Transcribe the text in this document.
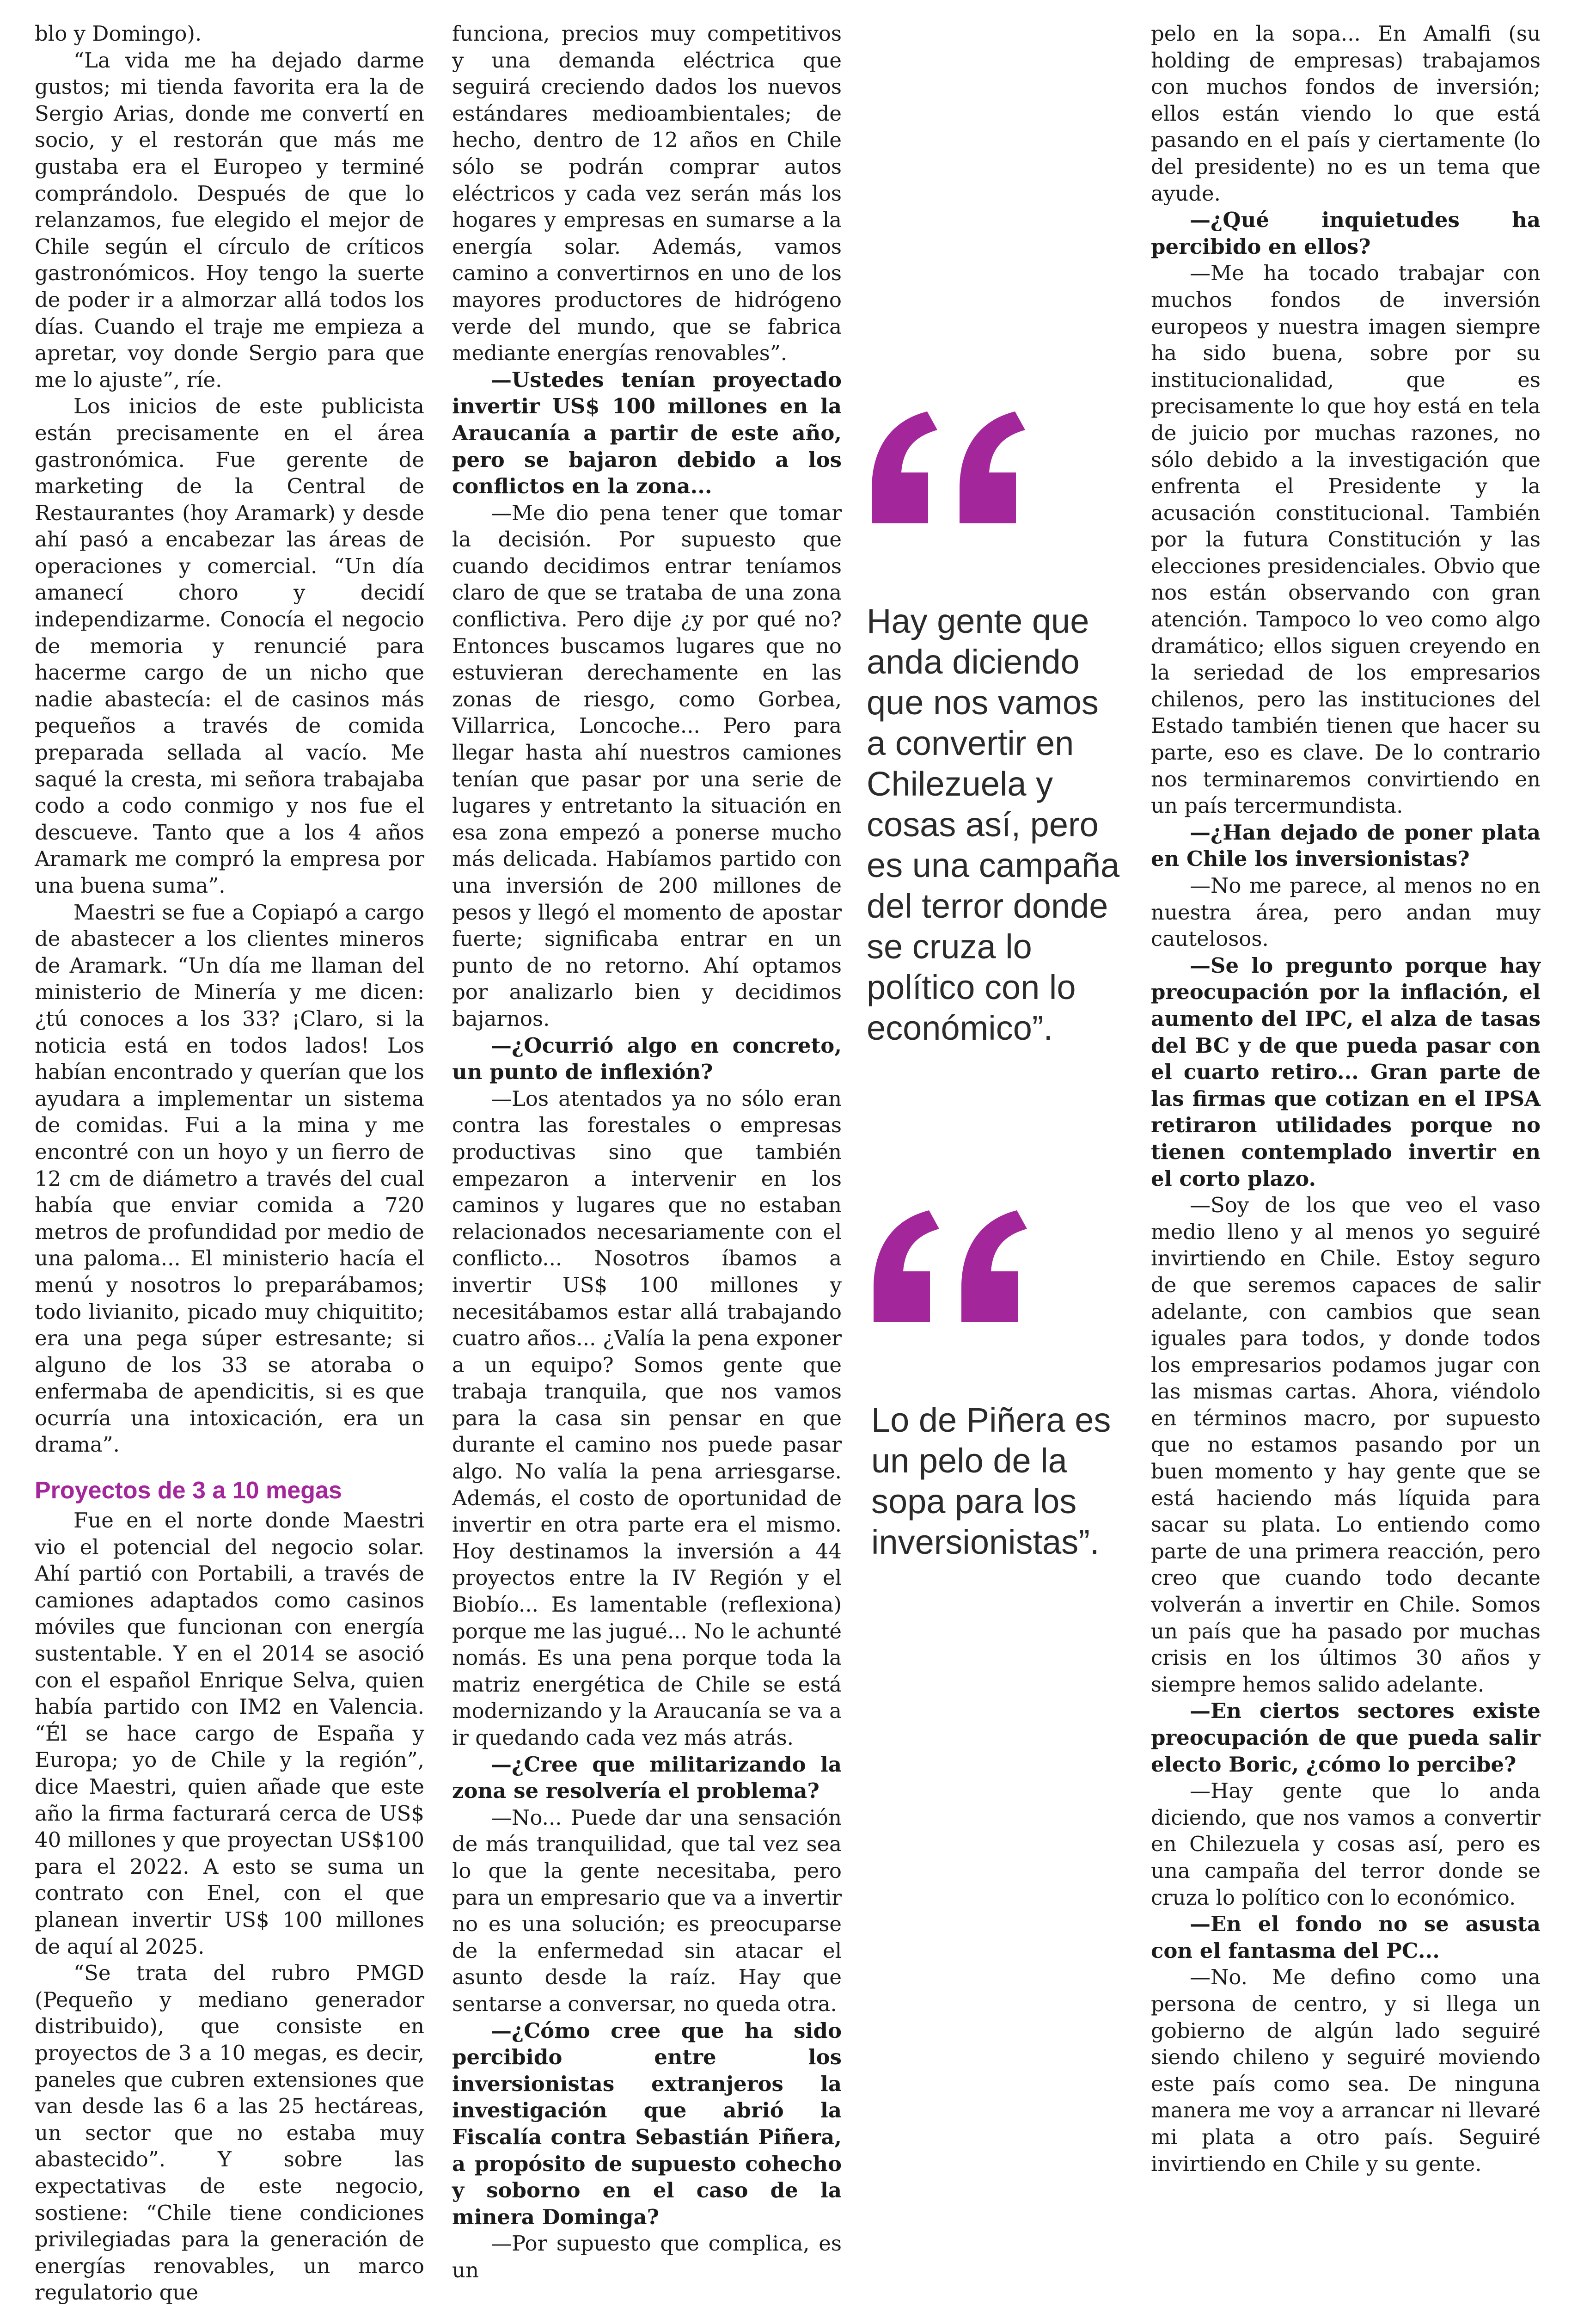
blo y Domingo).

“La vida me ha dejado darme gustos; mi tienda favorita era la de Sergio Arias, donde me convertí en socio, y el restorán que más me gustaba era el Europeo y terminé comprándolo. Después de que lo relanzamos, fue elegido el mejor de Chile según el círculo de críticos gastronómicos. Hoy tengo la suerte de poder ir a almorzar allá todos los días. Cuando el traje me empieza a apretar, voy donde Sergio para que me lo ajuste”, ríe.

Los inicios de este publicista están precisamente en el área gastronómica. Fue gerente de marketing de la Central de Restaurantes (hoy Aramark) y desde ahí pasó a encabezar las áreas de operaciones y comercial. “Un día amanecí choro y decidí independizarme. Conocía el negocio de memoria y renuncié para hacerme cargo de un nicho que nadie abastecía: el de casinos más pequeños a través de comida preparada sellada al vacío. Me saqué la cresta, mi señora trabajaba codo a codo conmigo y nos fue el descueve. Tanto que a los 4 años Aramark me compró la empresa por una buena suma”.

Maestri se fue a Copiapó a cargo de abastecer a los clientes mineros de Aramark. “Un día me llaman del ministerio de Minería y me dicen: ¿tú conoces a los 33? ¡Claro, si la noticia está en todos lados! Los habían encontrado y querían que los ayudara a implementar un sistema de comidas. Fui a la mina y me encontré con un hoyo y un fierro de 12 cm de diámetro a través del cual había que enviar comida a 720 metros de profundidad por medio de una paloma... El ministerio hacía el menú y nosotros lo preparábamos; todo livianito, picado muy chiquitito; era una pega súper estresante; si alguno de los 33 se atoraba o enfermaba de apendicitis, si es que ocurría una intoxicación, era un drama”.

Proyectos de 3 a 10 megas

Fue en el norte donde Maestri vio el potencial del negocio solar. Ahí partió con Portabili, a través de camiones adaptados como casinos móviles que funcionan con energía sustentable. Y en el 2014 se asoció con el español Enrique Selva, quien había partido con IM2 en Valencia. “Él se hace cargo de España y Europa; yo de Chile y la región”, dice Maestri, quien añade que este año la firma facturará cerca de US$ 40 millones y que proyectan US$100 para el 2022. A esto se suma un contrato con Enel, con el que planean invertir US$ 100 millones de aquí al 2025.

“Se trata del rubro PMGD (Pequeño y mediano generador distribuido), que consiste en proyectos de 3 a 10 megas, es decir, paneles que cubren extensiones que van desde las 6 a las 25 hectáreas, un sector que no estaba muy abastecido”. Y sobre las expectativas de este negocio, sostiene: “Chile tiene condiciones privilegiadas para la generación de energías renovables, un marco regulatorio que

funciona, precios muy competitivos y una demanda eléctrica que seguirá creciendo dados los nuevos estándares medioambientales; de hecho, dentro de 12 años en Chile sólo se podrán comprar autos eléctricos y cada vez serán más los hogares y empresas en sumarse a la energía solar. Además, vamos camino a convertirnos en uno de los mayores productores de hidrógeno verde del mundo, que se fabrica mediante energías renovables”.

—Ustedes tenían proyectado invertir US$ 100 millones en la Araucanía a partir de este año, pero se bajaron debido a los conflictos en la zona...

—Me dio pena tener que tomar la decisión. Por supuesto que cuando decidimos entrar teníamos claro de que se trataba de una zona conflictiva. Pero dije ¿y por qué no? Entonces buscamos lugares que no estuvieran derechamente en las zonas de riesgo, como Gorbea, Villarrica, Loncoche... Pero para llegar hasta ahí nuestros camiones tenían que pasar por una serie de lugares y entretanto la situación en esa zona empezó a ponerse mucho más delicada. Habíamos partido con una inversión de 200 millones de pesos y llegó el momento de apostar fuerte; significaba entrar en un punto de no retorno. Ahí optamos por analizarlo bien y decidimos bajarnos.

—¿Ocurrió algo en concreto, un punto de inflexión?

—Los atentados ya no sólo eran contra las forestales o empresas productivas sino que también empezaron a intervenir en los caminos y lugares que no estaban relacionados necesariamente con el conflicto... Nosotros íbamos a invertir US$ 100 millones y necesitábamos estar allá trabajando cuatro años... ¿Valía la pena exponer a un equipo? Somos gente que trabaja tranquila, que nos vamos para la casa sin pensar en que durante el camino nos puede pasar algo. No valía la pena arriesgarse. Además, el costo de oportunidad de invertir en otra parte era el mismo. Hoy destinamos la inversión a 44 proyectos entre la IV Región y el Biobío... Es lamentable (reflexiona) porque me las jugué... No le achunté nomás. Es una pena porque toda la matriz energética de Chile se está modernizando y la Araucanía se va a ir quedando cada vez más atrás.

—¿Cree que militarizando la zona se resolvería el problema?

—No... Puede dar una sensación de más tranquilidad, que tal vez sea lo que la gente necesitaba, pero para un empresario que va a invertir no es una solución; es preocuparse de la enfermedad sin atacar el asunto desde la raíz. Hay que sentarse a conversar, no queda otra.

—¿Cómo cree que ha sido percibido entre los inversionistas extranjeros la investigación que abrió la Fiscalía contra Sebastián Piñera, a propósito de supuesto cohecho y soborno en el caso de la minera Dominga?

—Por supuesto que complica, es un

Hay gente que anda diciendo que nos vamos a convertir en Chilezuela y cosas así, pero es una campaña del terror donde se cruza lo político con lo económico”.

Lo de Piñera es un pelo de la sopa para los inversionistas”.

pelo en la sopa... En Amalfi (su holding de empresas) trabajamos con muchos fondos de inversión; ellos están viendo lo que está pasando en el país y ciertamente (lo del presidente) no es un tema que ayude.

—¿Qué inquietudes ha percibido en ellos?

—Me ha tocado trabajar con muchos fondos de inversión europeos y nuestra imagen siempre ha sido buena, sobre por su institucionalidad, que es precisamente lo que hoy está en tela de juicio por muchas razones, no sólo debido a la investigación que enfrenta el Presidente y la acusación constitucional. También por la futura Constitución y las elecciones presidenciales. Obvio que nos están observando con gran atención. Tampoco lo veo como algo dramático; ellos siguen creyendo en la seriedad de los empresarios chilenos, pero las instituciones del Estado también tienen que hacer su parte, eso es clave. De lo contrario nos terminaremos convirtiendo en un país tercermundista.

—¿Han dejado de poner plata en Chile los inversionistas?

—No me parece, al menos no en nuestra área, pero andan muy cautelosos.

—Se lo pregunto porque hay preocupación por la inflación, el aumento del IPC, el alza de tasas del BC y de que pueda pasar con el cuarto retiro... Gran parte de las firmas que cotizan en el IPSA retiraron utilidades porque no tienen contemplado invertir en el corto plazo.

—Soy de los que veo el vaso medio lleno y al menos yo seguiré invirtiendo en Chile. Estoy seguro de que seremos capaces de salir adelante, con cambios que sean iguales para todos, y donde todos los empresarios podamos jugar con las mismas cartas. Ahora, viéndolo en términos macro, por supuesto que no estamos pasando por un buen momento y hay gente que se está haciendo más líquida para sacar su plata. Lo entiendo como parte de una primera reacción, pero creo que cuando todo decante volverán a invertir en Chile. Somos un país que ha pasado por muchas crisis en los últimos 30 años y siempre hemos salido adelante.

—En ciertos sectores existe preocupación de que pueda salir electo Boric, ¿cómo lo percibe?

—Hay gente que lo anda diciendo, que nos vamos a convertir en Chilezuela y cosas así, pero es una campaña del terror donde se cruza lo político con lo económico.

—En el fondo no se asusta con el fantasma del PC...

—No. Me defino como una persona de centro, y si llega un gobierno de algún lado seguiré siendo chileno y seguiré moviendo este país como sea. De ninguna manera me voy a arrancar ni llevaré mi plata a otro país. Seguiré invirtiendo en Chile y su gente.
